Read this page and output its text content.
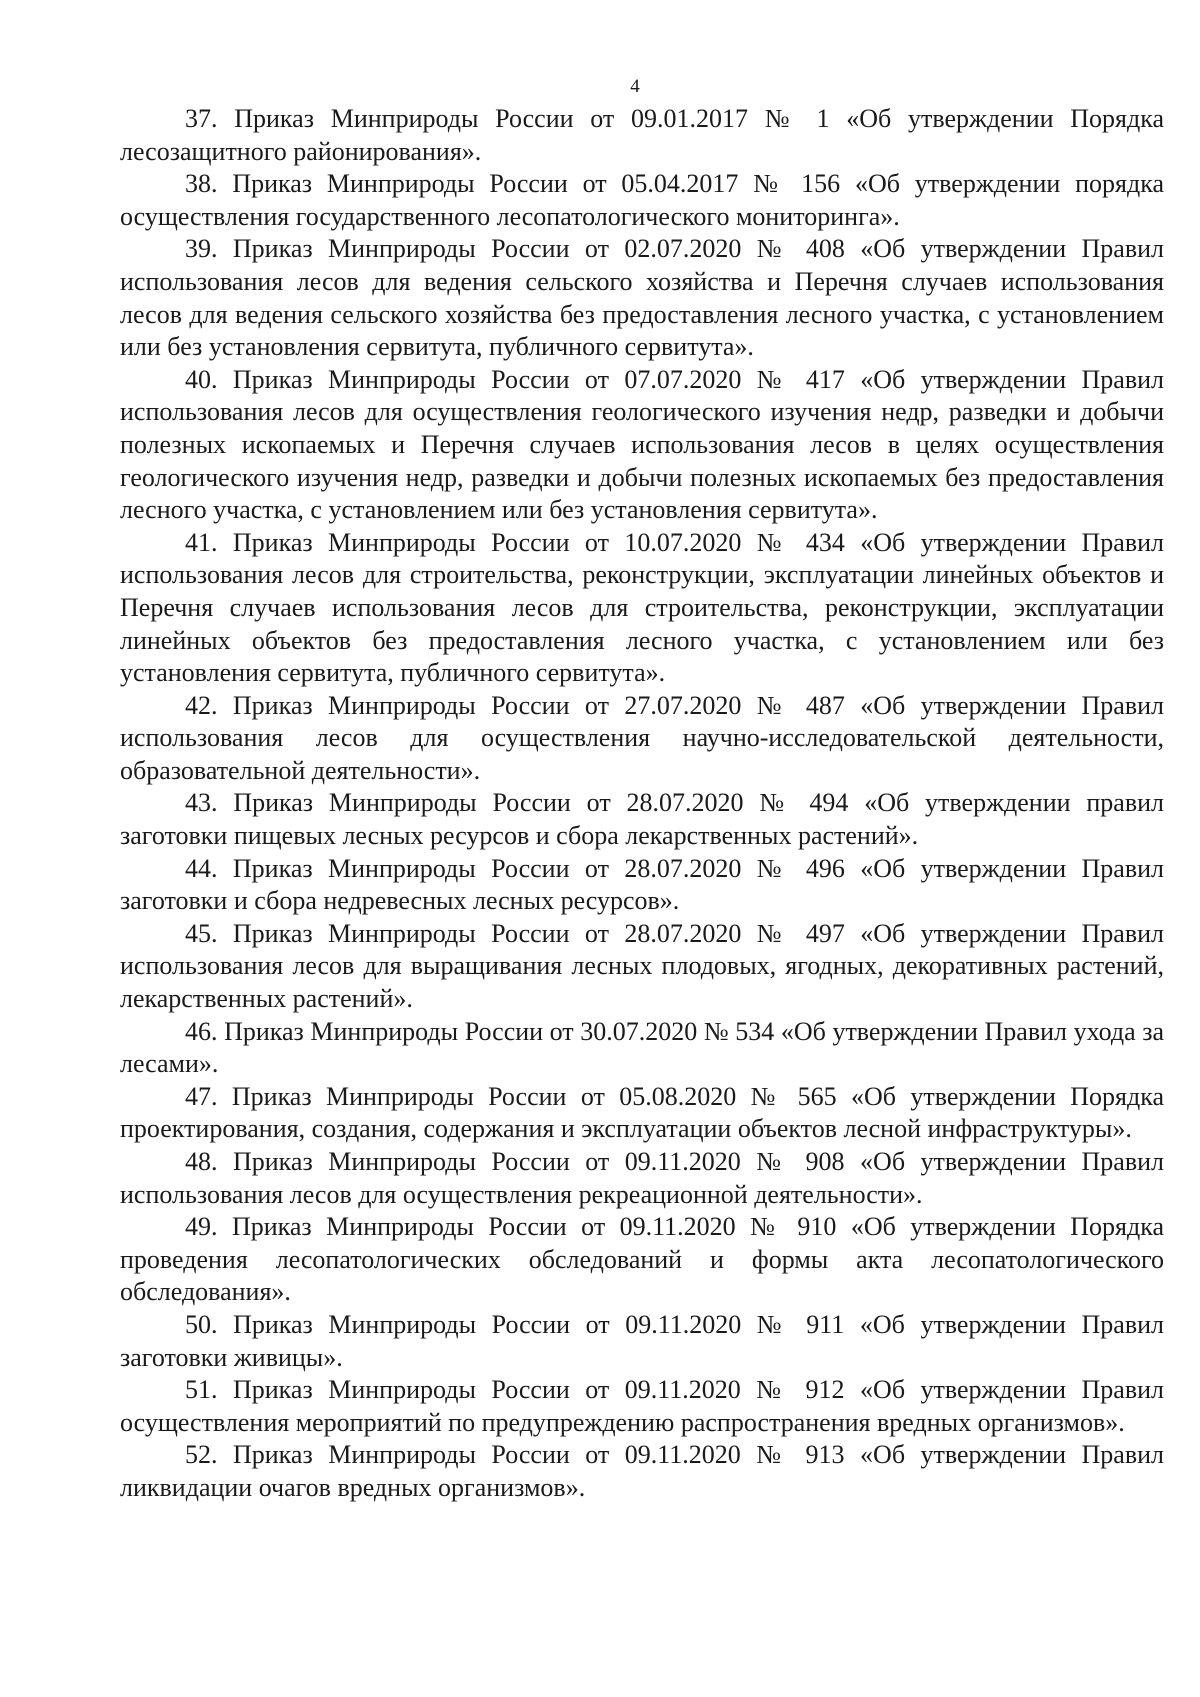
4

37. Приказ Минприроды России от 09.01.2017 № 1 «Об утверждении Порядка лесозащитного районирования».

38. Приказ Минприроды России от 05.04.2017 № 156 «Об утверждении порядка осуществления государственного лесопатологического мониторинга».

39. Приказ Минприроды России от 02.07.2020 № 408 «Об утверждении Правил использования лесов для ведения сельского хозяйства и Перечня случаев использования лесов для ведения сельского хозяйства без предоставления лесного участка, с установлением или без установления сервитута, публичного сервитута».

40. Приказ Минприроды России от 07.07.2020 № 417 «Об утверждении Правил использования лесов для осуществления геологического изучения недр, разведки и добычи полезных ископаемых и Перечня случаев использования лесов в целях осуществления геологического изучения недр, разведки и добычи полезных ископаемых без предоставления лесного участка, с установлением или без установления сервитута».

41. Приказ Минприроды России от 10.07.2020 № 434 «Об утверждении Правил использования лесов для строительства, реконструкции, эксплуатации линейных объектов и Перечня случаев использования лесов для строительства, реконструкции, эксплуатации линейных объектов без предоставления лесного участка, с установлением или без установления сервитута, публичного сервитута».

42. Приказ Минприроды России от 27.07.2020 № 487 «Об утверждении Правил использования лесов для осуществления научно-исследовательской деятельности, образовательной деятельности».

43. Приказ Минприроды России от 28.07.2020 № 494 «Об утверждении правил заготовки пищевых лесных ресурсов и сбора лекарственных растений».

44. Приказ Минприроды России от 28.07.2020 № 496 «Об утверждении Правил заготовки и сбора недревесных лесных ресурсов».

45. Приказ Минприроды России от 28.07.2020 № 497 «Об утверждении Правил использования лесов для выращивания лесных плодовых, ягодных, декоративных растений, лекарственных растений».

46. Приказ Минприроды России от 30.07.2020 № 534 «Об утверждении Правил ухода за лесами».

47. Приказ Минприроды России от 05.08.2020 № 565 «Об утверждении Порядка проектирования, создания, содержания и эксплуатации объектов лесной инфраструктуры».

48. Приказ Минприроды России от 09.11.2020 № 908 «Об утверждении Правил использования лесов для осуществления рекреационной деятельности».

49. Приказ Минприроды России от 09.11.2020 № 910 «Об утверждении Порядка проведения лесопатологических обследований и формы акта лесопатологического обследования».

50. Приказ Минприроды России от 09.11.2020 № 911 «Об утверждении Правил заготовки живицы».

51. Приказ Минприроды России от 09.11.2020 № 912 «Об утверждении Правил осуществления мероприятий по предупреждению распространения вредных организмов».

52. Приказ Минприроды России от 09.11.2020 № 913 «Об утверждении Правил ликвидации очагов вредных организмов».
